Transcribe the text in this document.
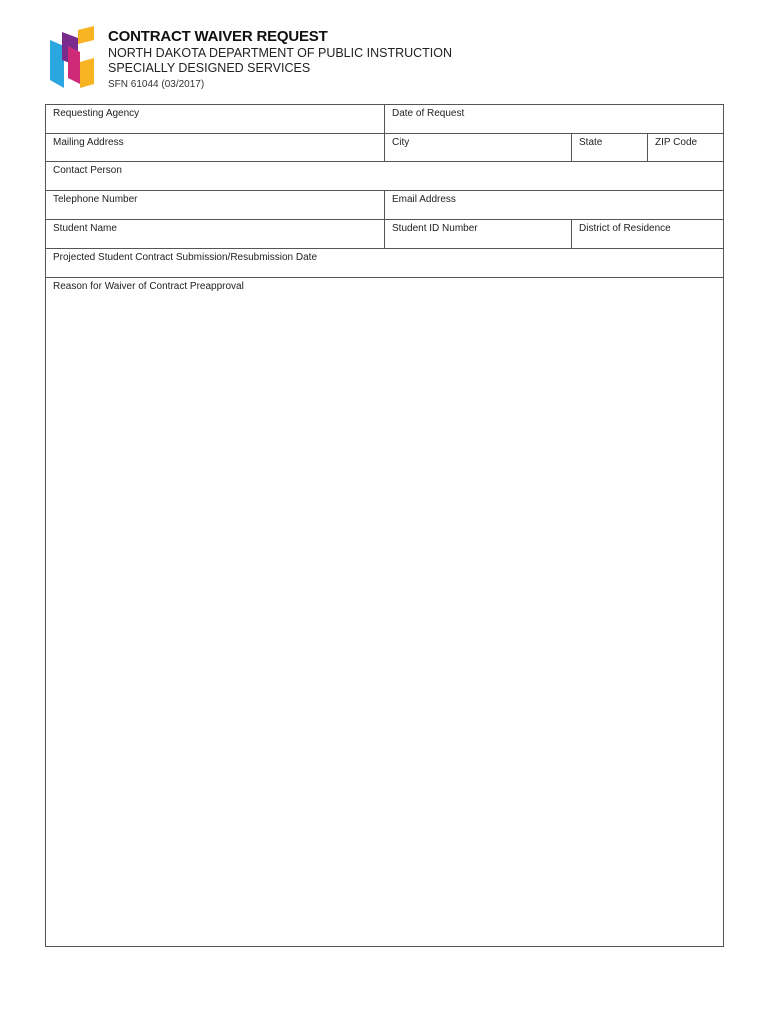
CONTRACT WAIVER REQUEST
NORTH DAKOTA DEPARTMENT OF PUBLIC INSTRUCTION
SPECIALLY DESIGNED SERVICES
SFN 61044 (03/2017)
Requesting Agency	Date of Request
Mailing Address	City	State	ZIP Code
Contact Person
Telephone Number	Email Address
Student Name	Student ID Number	District of Residence
Projected Student Contract Submission/Resubmission Date
Reason for Waiver of Contract Preapproval
